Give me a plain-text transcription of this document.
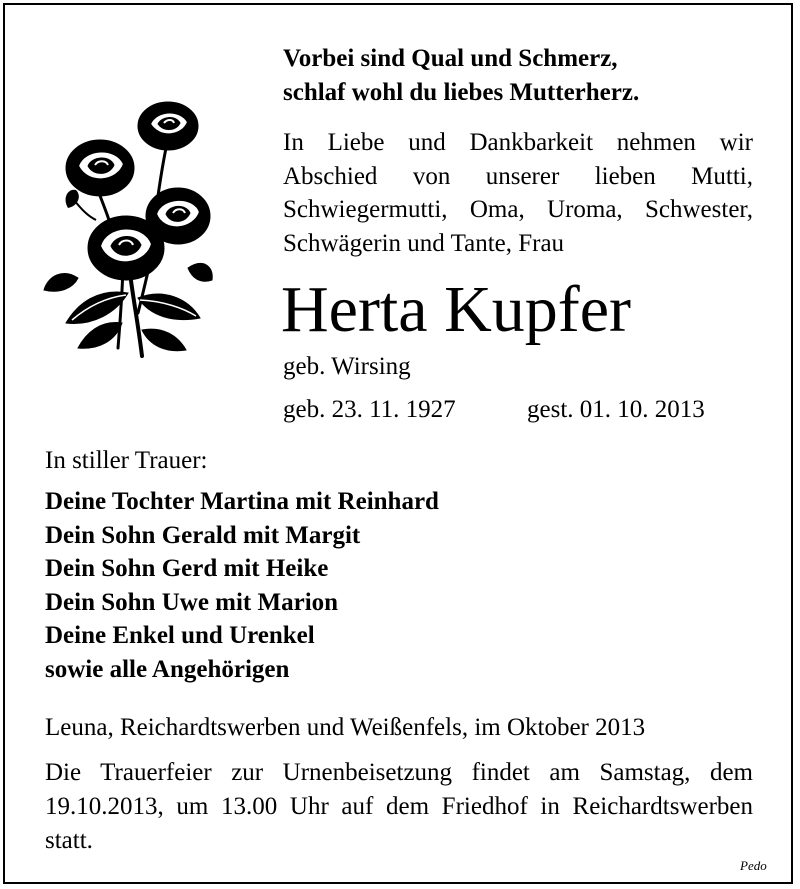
Vorbei sind Qual und Schmerz,
schlaf wohl du liebes Mutterherz.
In Liebe und Dankbarkeit nehmen wir
Abschied von unserer lieben Mutti,
Schwiegermutti, Oma, Uroma, Schwester,
Schwägerin und Tante, Frau
Herta Kupfer
geb. Wirsing
geb. 23. 11. 1927	gest. 01. 10. 2013
In stiller Trauer:
Deine Tochter Martina mit Reinhard
Dein Sohn Gerald mit Margit
Dein Sohn Gerd mit Heike
Dein Sohn Uwe mit Marion
Deine Enkel und Urenkel
sowie alle Angehörigen
Leuna, Reichardtswerben und Weißenfels, im Oktober 2013
Die Trauerfeier zur Urnenbeisetzung findet am Samstag, dem
19.10.2013, um 13.00 Uhr auf dem Friedhof in Reichardtswerben
statt.
Pedo
